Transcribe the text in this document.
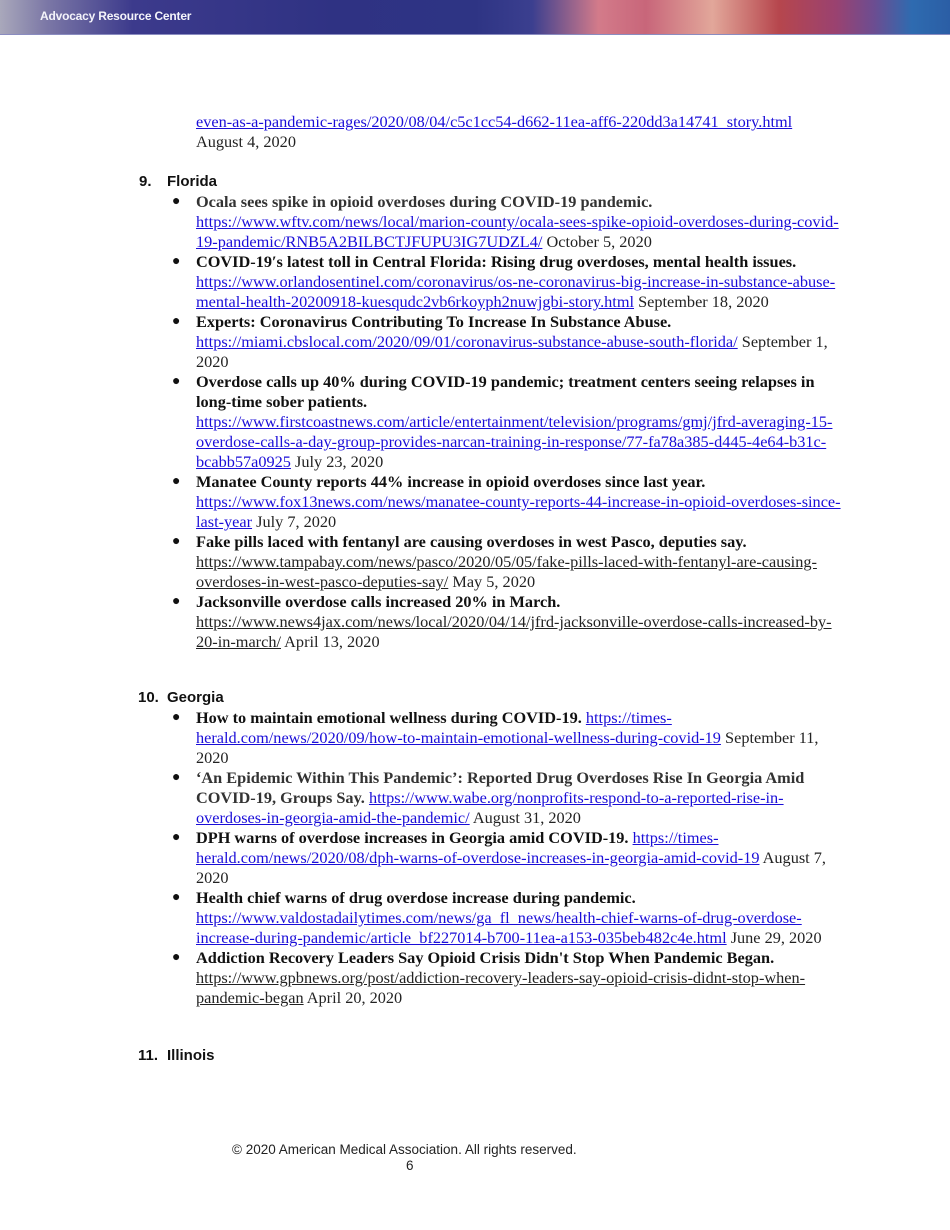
Advocacy Resource Center
even-as-a-pandemic-rages/2020/08/04/c5c1cc54-d662-11ea-aff6-220dd3a14741_story.html
August 4, 2020
9. Florida
● Ocala sees spike in opioid overdoses during COVID-19 pandemic. https://www.wftv.com/news/local/marion-county/ocala-sees-spike-opioid-overdoses-during-covid-19-pandemic/RNB5A2BILBCTJFUPU3IG7UDZL4/ October 5, 2020
● COVID-19′s latest toll in Central Florida: Rising drug overdoses, mental health issues. https://www.orlandosentinel.com/coronavirus/os-ne-coronavirus-big-increase-in-substance-abuse-mental-health-20200918-kuesqudc2vb6rkoyph2nuwjgbi-story.html September 18, 2020
● Experts: Coronavirus Contributing To Increase In Substance Abuse. https://miami.cbslocal.com/2020/09/01/coronavirus-substance-abuse-south-florida/ September 1, 2020
● Overdose calls up 40% during COVID-19 pandemic; treatment centers seeing relapses in long-time sober patients. https://www.firstcoastnews.com/article/entertainment/television/programs/gmj/jfrd-averaging-15-overdose-calls-a-day-group-provides-narcan-training-in-response/77-fa78a385-d445-4e64-b31c-bcabb57a0925 July 23, 2020
● Manatee County reports 44% increase in opioid overdoses since last year. https://www.fox13news.com/news/manatee-county-reports-44-increase-in-opioid-overdoses-since-last-year July 7, 2020
● Fake pills laced with fentanyl are causing overdoses in west Pasco, deputies say. https://www.tampabay.com/news/pasco/2020/05/05/fake-pills-laced-with-fentanyl-are-causing-overdoses-in-west-pasco-deputies-say/ May 5, 2020
● Jacksonville overdose calls increased 20% in March. https://www.news4jax.com/news/local/2020/04/14/jfrd-jacksonville-overdose-calls-increased-by-20-in-march/ April 13, 2020
10. Georgia
● How to maintain emotional wellness during COVID-19. https://times-herald.com/news/2020/09/how-to-maintain-emotional-wellness-during-covid-19 September 11, 2020
● ‘An Epidemic Within This Pandemic’: Reported Drug Overdoses Rise In Georgia Amid COVID-19, Groups Say. https://www.wabe.org/nonprofits-respond-to-a-reported-rise-in-overdoses-in-georgia-amid-the-pandemic/ August 31, 2020
● DPH warns of overdose increases in Georgia amid COVID-19. https://times-herald.com/news/2020/08/dph-warns-of-overdose-increases-in-georgia-amid-covid-19 August 7, 2020
● Health chief warns of drug overdose increase during pandemic. https://www.valdostadailytimes.com/news/ga_fl_news/health-chief-warns-of-drug-overdose-increase-during-pandemic/article_bf227014-b700-11ea-a153-035beb482c4e.html June 29, 2020
● Addiction Recovery Leaders Say Opioid Crisis Didn't Stop When Pandemic Began. https://www.gpbnews.org/post/addiction-recovery-leaders-say-opioid-crisis-didnt-stop-when-pandemic-began April 20, 2020
11. Illinois
© 2020 American Medical Association. All rights reserved.
6
